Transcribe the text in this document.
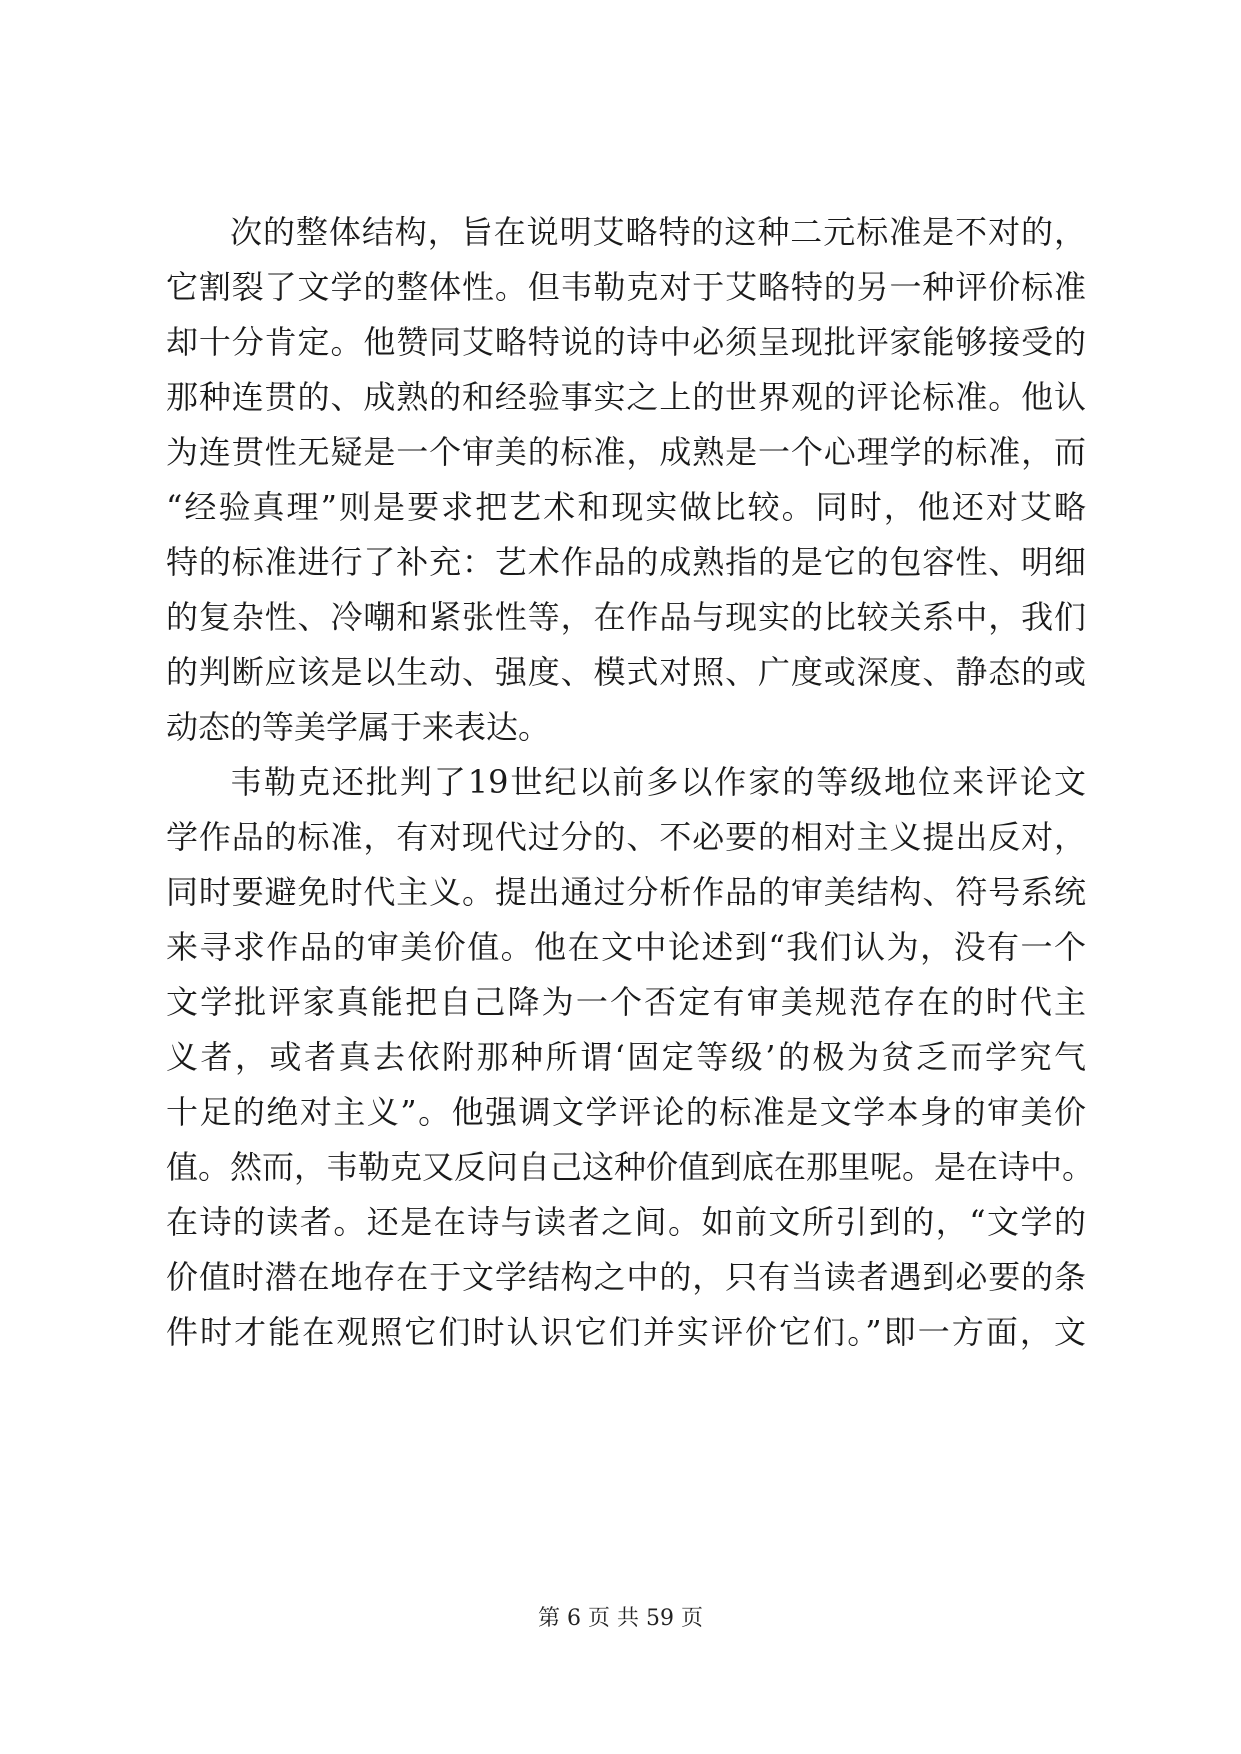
次的整体结构，旨在说明艾略特的这种二元标准是不对的，
它割裂了文学的整体性。但韦勒克对于艾略特的另一种评价标准
却十分肯定。他赞同艾略特说的诗中必须呈现批评家能够接受的
那种连贯的、成熟的和经验事实之上的世界观的评论标准。他认
为连贯性无疑是一个审美的标准，成熟是一个心理学的标准，而
“经验真理”则是要求把艺术和现实做比较。同时，他还对艾略
特的标准进行了补充：艺术作品的成熟指的是它的包容性、明细
的复杂性、冷嘲和紧张性等，在作品与现实的比较关系中，我们
的判断应该是以生动、强度、模式对照、广度或深度、静态的或
动态的等美学属于来表达。
韦勒克还批判了19世纪以前多以作家的等级地位来评论文
学作品的标准，有对现代过分的、不必要的相对主义提出反对，
同时要避免时代主义。提出通过分析作品的审美结构、符号系统
来寻求作品的审美价值。他在文中论述到“我们认为，没有一个
文学批评家真能把自己降为一个否定有审美规范存在的时代主
义者，或者真去依附那种所谓‘固定等级’的极为贫乏而学究气
十足的绝对主义”。他强调文学评论的标准是文学本身的审美价
值。然而，韦勒克又反问自己这种价值到底在那里呢。是在诗中。
在诗的读者。还是在诗与读者之间。如前文所引到的，“文学的
价值时潜在地存在于文学结构之中的，只有当读者遇到必要的条
件时才能在观照它们时认识它们并实评价它们。”即一方面，文
第 6 页 共 59 页
